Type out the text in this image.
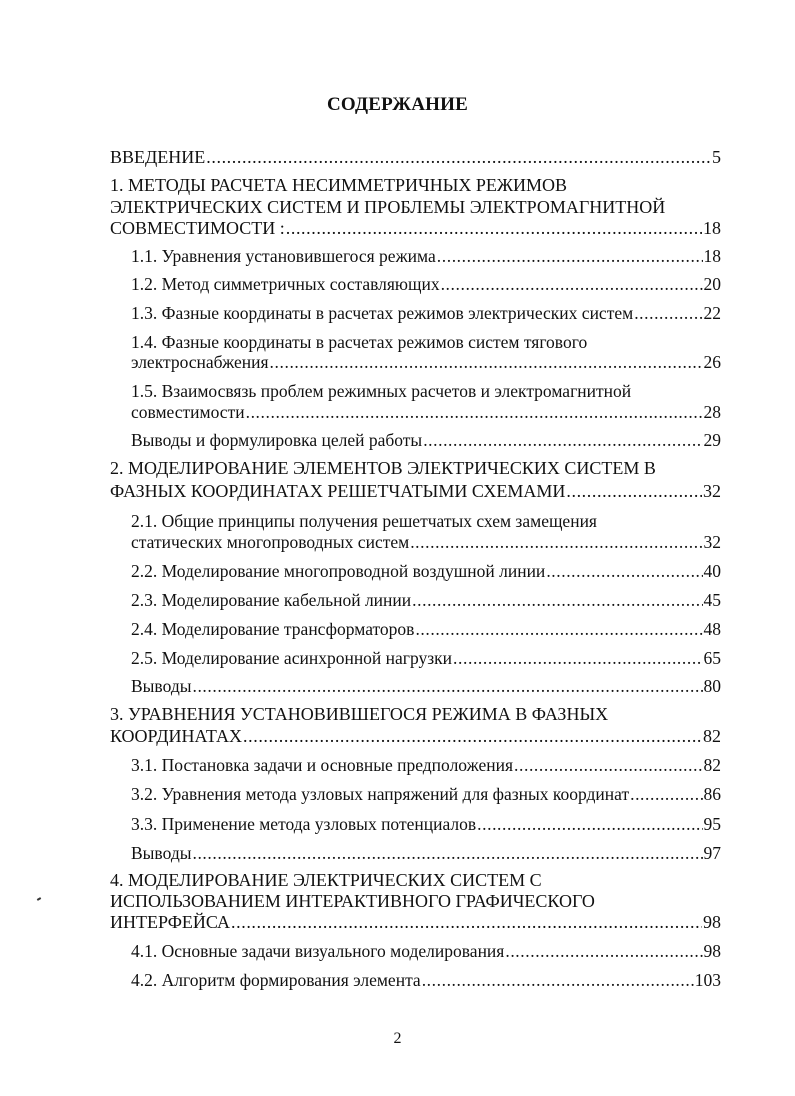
СОДЕРЖАНИЕ
ВВЕДЕНИЕ .....	5
1. МЕТОДЫ РАСЧЕТА НЕСИММЕТРИЧНЫХ РЕЖИМОВ
ЭЛЕКТРИЧЕСКИХ СИСТЕМ И ПРОБЛЕМЫ ЭЛЕКТРОМАГНИТНОЙ
СОВМЕСТИМОСТИ : .....	18
1.1. Уравнения установившегося режима .....	18
1.2. Метод симметричных составляющих .....	20
1.3. Фазные координаты в расчетах режимов электрических систем .....	22
1.4. Фазные координаты в расчетах режимов систем тягового
электроснабжения .....	26
1.5. Взаимосвязь проблем режимных расчетов и электромагнитной
совместимости .....	28
Выводы и формулировка целей работы .....	29
2. МОДЕЛИРОВАНИЕ ЭЛЕМЕНТОВ ЭЛЕКТРИЧЕСКИХ СИСТЕМ В
ФАЗНЫХ КООРДИНАТАХ РЕШЕТЧАТЫМИ СХЕМАМИ .....	32
2.1. Общие принципы получения решетчатых схем замещения
статических многопроводных систем .....	32
2.2. Моделирование многопроводной воздушной линии .....	40
2.3. Моделирование кабельной линии .....	45
2.4. Моделирование трансформаторов .....	48
2.5. Моделирование асинхронной нагрузки .....	65
Выводы .....	80
3. УРАВНЕНИЯ УСТАНОВИВШЕГОСЯ РЕЖИМА В ФАЗНЫХ
КООРДИНАТАХ .....	82
3.1. Постановка задачи и основные предположения .....	82
3.2. Уравнения метода узловых напряжений для фазных координат .....	86
3.3. Применение метода узловых потенциалов .....	95
Выводы .....	97
4. МОДЕЛИРОВАНИЕ ЭЛЕКТРИЧЕСКИХ СИСТЕМ С
ИСПОЛЬЗОВАНИЕМ ИНТЕРАКТИВНОГО ГРАФИЧЕСКОГО
ИНТЕРФЕЙСА .....	98
4.1. Основные задачи визуального моделирования .....	98
4.2. Алгоритм формирования элемента .....	103
2
